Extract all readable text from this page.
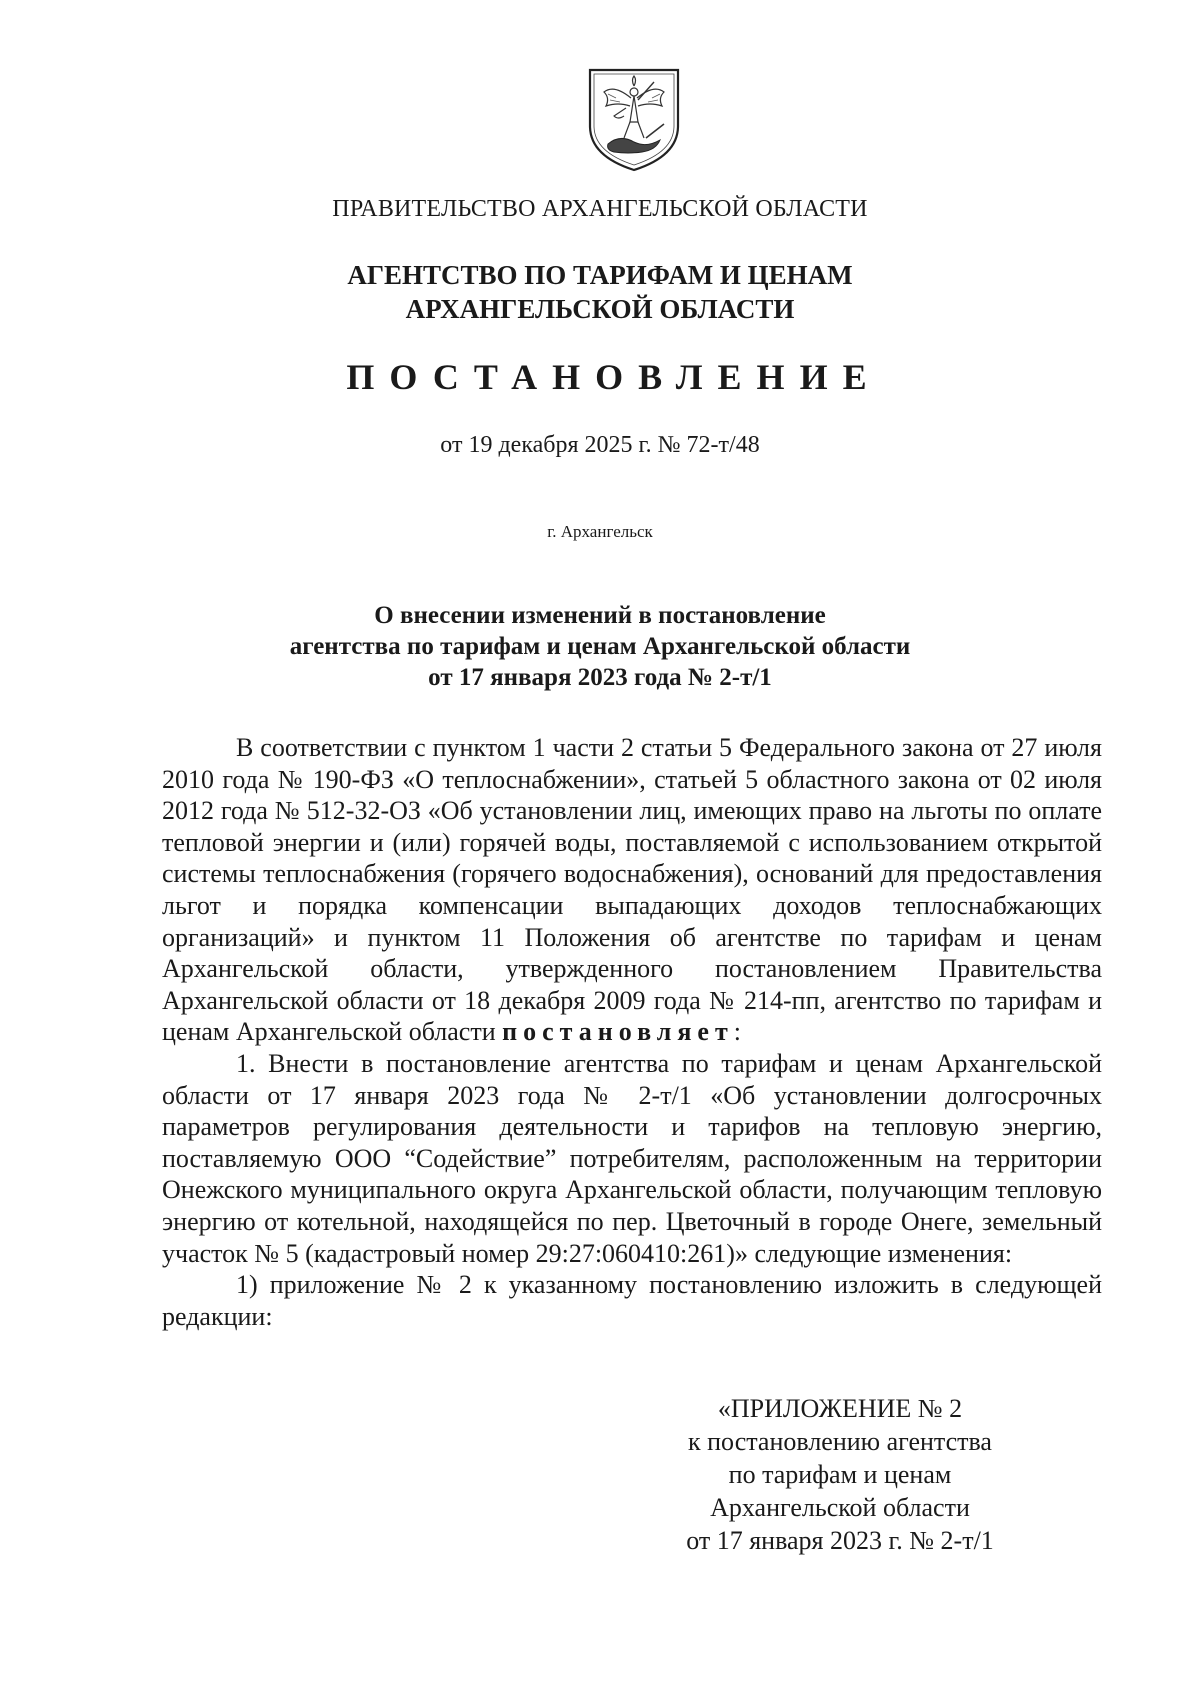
ПРАВИТЕЛЬСТВО АРХАНГЕЛЬСКОЙ ОБЛАСТИ
АГЕНТСТВО ПО ТАРИФАМ И ЦЕНАМ
АРХАНГЕЛЬСКОЙ ОБЛАСТИ
ПОСТАНОВЛЕНИЕ
от 19 декабря 2025 г. № 72-т/48
г. Архангельск
О внесении изменений в постановление
агентства по тарифам и ценам Архангельской области
от 17 января 2023 года № 2-т/1

В соответствии с пунктом 1 части 2 статьи 5 Федерального закона от 27 июля 2010 года № 190-ФЗ «О теплоснабжении», статьей 5 областного закона от 02 июля 2012 года № 512-32-ОЗ «Об установлении лиц, имеющих право на льготы по оплате тепловой энергии и (или) горячей воды, поставляемой с использованием открытой системы теплоснабжения (горячего водоснабжения), оснований для предоставления льгот и порядка компенсации выпадающих доходов теплоснабжающих организаций» и пунктом 11 Положения об агентстве по тарифам и ценам Архангельской области, утвержденного постановлением Правительства Архангельской области от 18 декабря 2009 года № 214-пп, агентство по тарифам и ценам Архангельской области постановляет:

1. Внести в постановление агентства по тарифам и ценам Архангельской области от 17 января 2023 года № 2-т/1 «Об установлении долгосрочных параметров регулирования деятельности и тарифов на тепловую энергию, поставляемую ООО “Содействие” потребителям, расположенным на территории Онежского муниципального округа Архангельской области, получающим тепловую энергию от котельной, находящейся по пер. Цветочный в городе Онеге, земельный участок № 5 (кадастровый номер 29:27:060410:261)» следующие изменения:

1) приложение № 2 к указанному постановлению изложить в следующей редакции:

«ПРИЛОЖЕНИЕ № 2
к постановлению агентства
по тарифам и ценам
Архангельской области
от 17 января 2023 г. № 2-т/1
